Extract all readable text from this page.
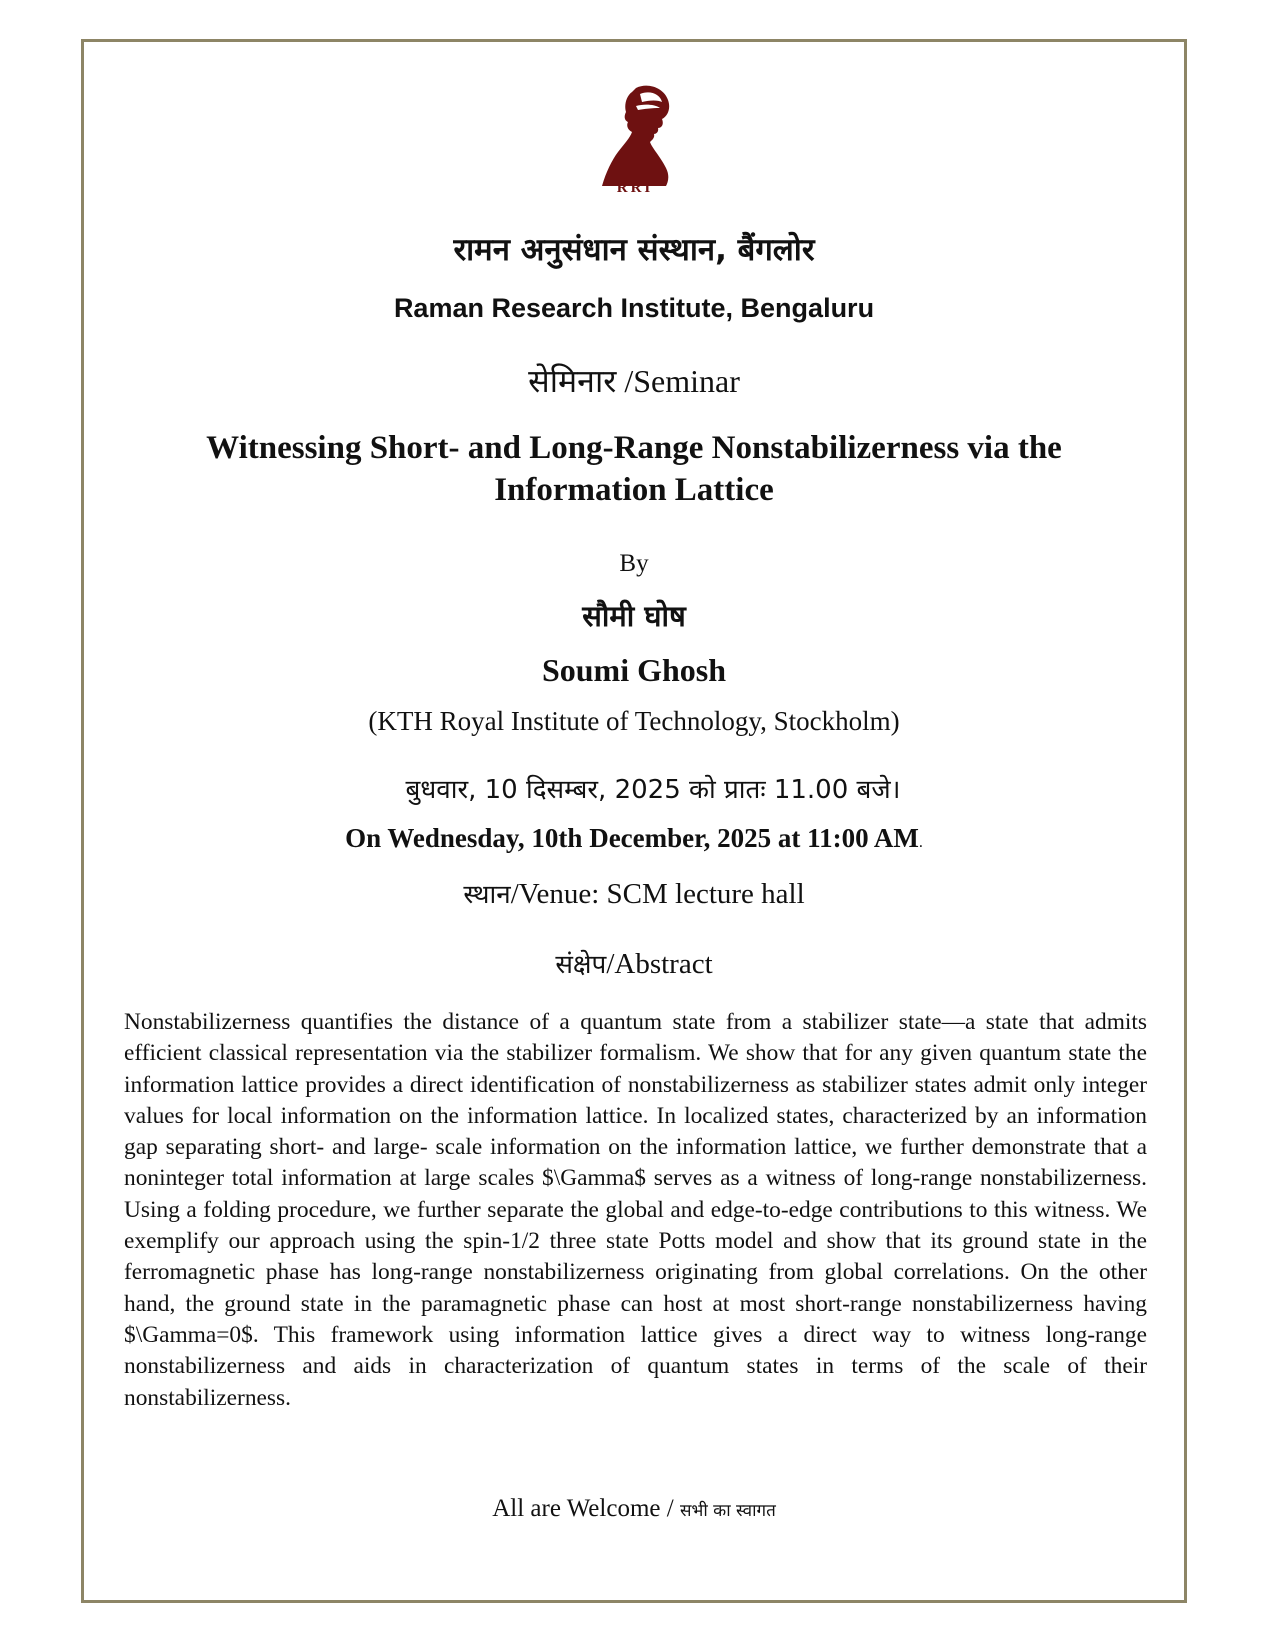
RRI
रामन अनुसंधान संस्थान, बैंगलोर
Raman Research Institute, Bengaluru
सेमिनार /Seminar
Witnessing Short- and Long-Range Nonstabilizerness via the Information Lattice
By
सौमी घोष
Soumi Ghosh
(KTH Royal Institute of Technology, Stockholm)
बुधवार, 10 दिसम्बर, 2025 को प्रातः 11.00 बजे।
On Wednesday, 10th December, 2025 at 11:00 AM.
स्थान/Venue: SCM lecture hall
संक्षेप/Abstract
Nonstabilizerness quantifies the distance of a quantum state from a stabilizer state—a state that admits efficient classical representation via the stabilizer formalism. We show that for any given quantum state the information lattice provides a direct identification of nonstabilizerness as stabilizer states admit only integer values for local information on the information lattice. In localized states, characterized by an information gap separating short- and large- scale information on the information lattice, we further demonstrate that a noninteger total information at large scales $\Gamma$ serves as a witness of long-range nonstabilizerness. Using a folding procedure, we further separate the global and edge-to-edge contributions to this witness. We exemplify our approach using the spin-1/2 three state Potts model and show that its ground state in the ferromagnetic phase has long-range nonstabilizerness originating from global correlations. On the other hand, the ground state in the paramagnetic phase can host at most short-range nonstabilizerness having $\Gamma=0$. This framework using information lattice gives a direct way to witness long-range nonstabilizerness and aids in characterization of quantum states in terms of the scale of their nonstabilizerness.
All are Welcome / सभी का स्वागत
